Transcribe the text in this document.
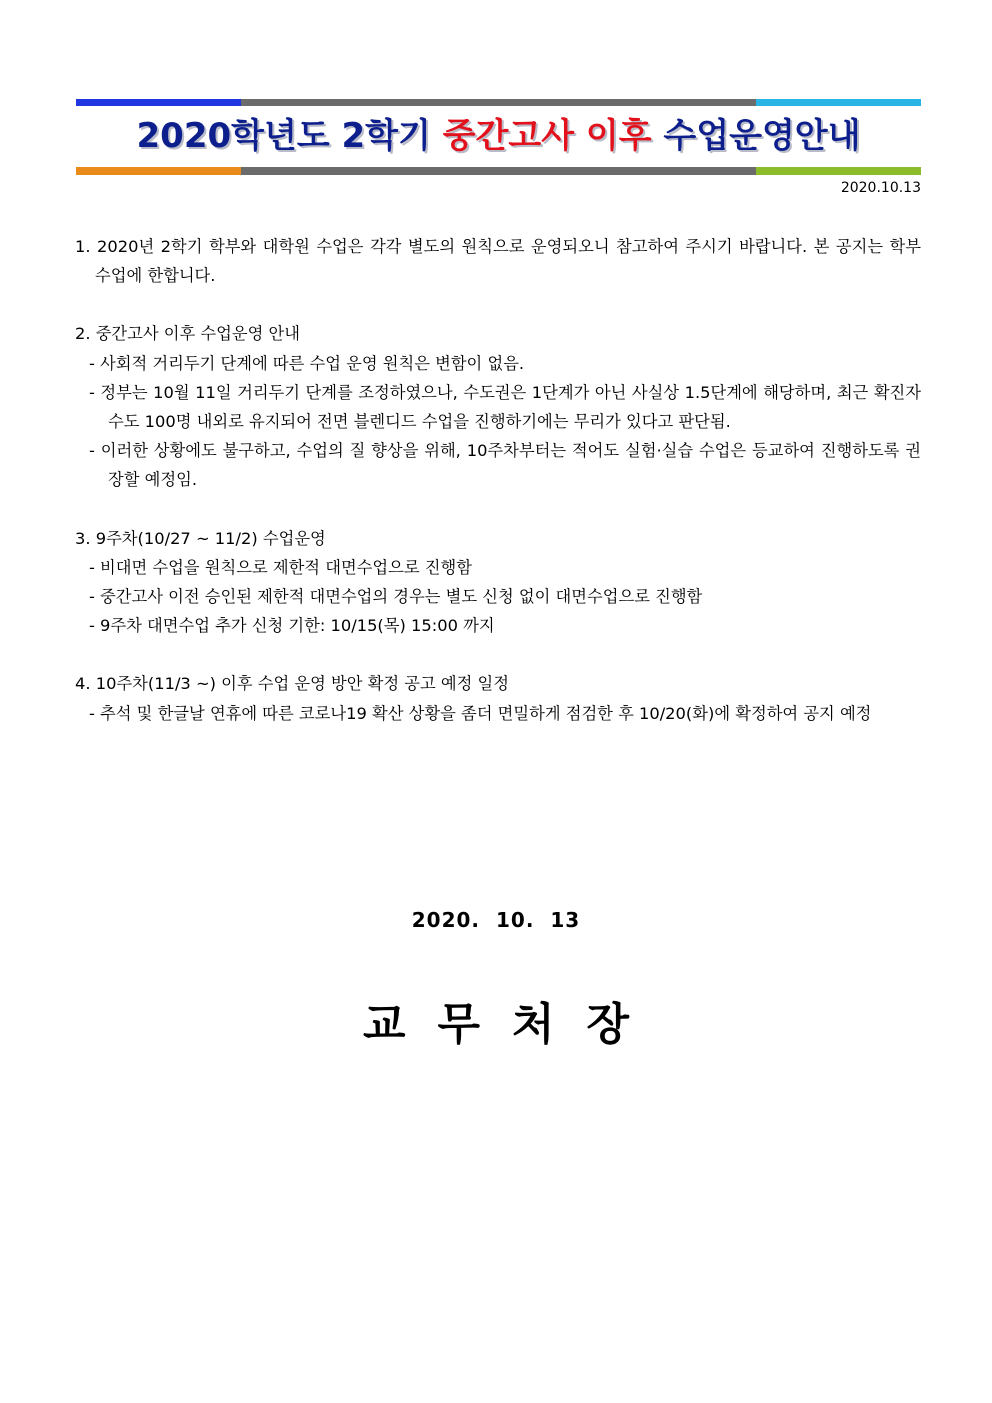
2020학년도 2학기 중간고사 이후 수업운영안내
2020.10.13
1. 2020년 2학기 학부와 대학원 수업은 각각 별도의 원칙으로 운영되오니 참고하여 주시기 바랍니다. 본 공지는 학부 수업에 한합니다.
2. 중간고사 이후 수업운영 안내
- 사회적 거리두기 단계에 따른 수업 운영 원칙은 변함이 없음.
- 정부는 10월 11일 거리두기 단계를 조정하였으나, 수도권은 1단계가 아닌 사실상 1.5단계에 해당하며, 최근 확진자 수도 100명 내외로 유지되어 전면 블렌디드 수업을 진행하기에는 무리가 있다고 판단됨.
- 이러한 상황에도 불구하고, 수업의 질 향상을 위해, 10주차부터는 적어도 실험·실습 수업은 등교하여 진행하도록 권장할 예정임.
3. 9주차(10/27 ~ 11/2) 수업운영
- 비대면 수업을 원칙으로 제한적 대면수업으로 진행함
- 중간고사 이전 승인된 제한적 대면수업의 경우는 별도 신청 없이 대면수업으로 진행함
- 9주차 대면수업 추가 신청 기한: 10/15(목) 15:00 까지
4. 10주차(11/3 ~) 이후 수업 운영 방안 확정 공고 예정 일정
- 추석 및 한글날 연휴에 따른 코로나19 확산 상황을 좀더 면밀하게 점검한 후 10/20(화)에 확정하여 공지 예정
2020. 10. 13
교무처장
